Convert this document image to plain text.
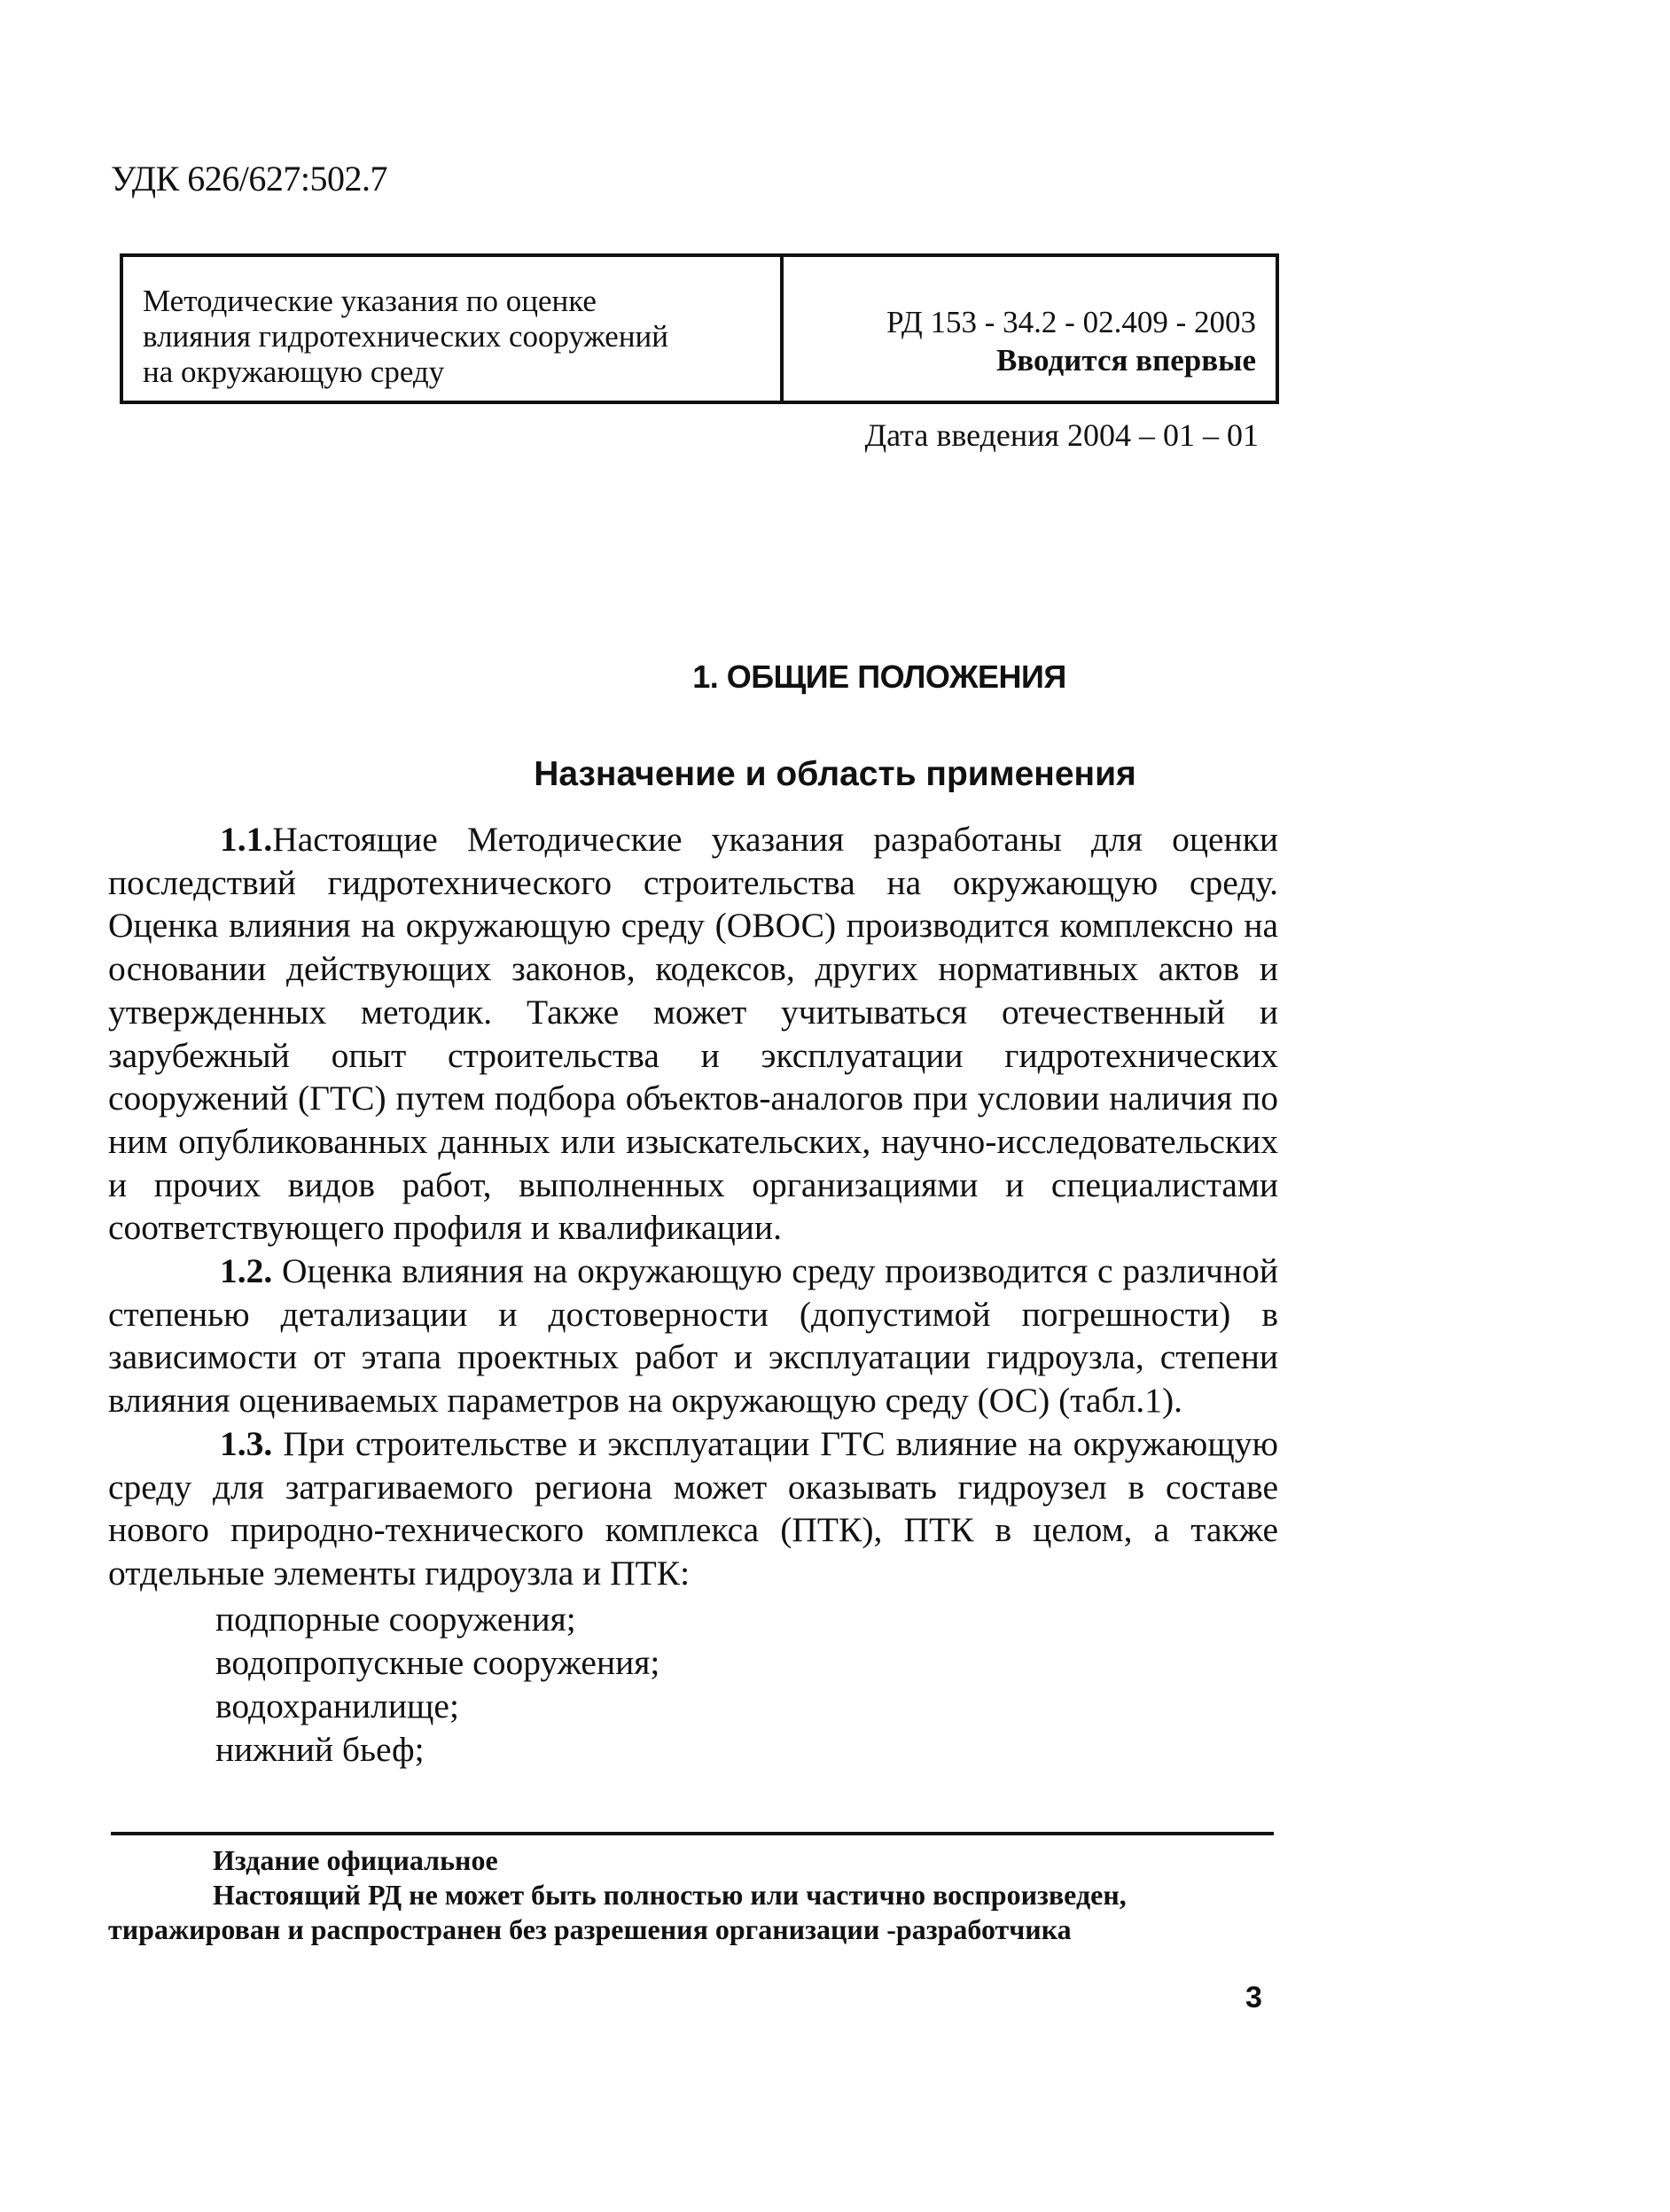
УДК 626/627:502.7
Методические указания по оценке
влияния гидротехнических сооружений
на окружающую среду
РД 153 - 34.2 - 02.409 - 2003
Вводится впервые
Дата введения 2004 – 01 – 01
1. ОБЩИЕ ПОЛОЖЕНИЯ
Назначение и область применения

1.1.Настоящие Методические указания разработаны для оценки последствий гидротехнического строительства на окружающую среду. Оценка влияния на окружающую среду (ОВОС) производится комплексно на основании действующих законов, кодексов, других нормативных актов и утвержденных методик. Также может учитываться отечественный и зарубежный опыт строительства и эксплуатации гидротехнических сооружений (ГТС) путем подбора объектов-аналогов при условии наличия по ним опубликованных данных или изыскательских, научно-исследовательских и прочих видов работ, выполненных организациями и специалистами соответствующего профиля и квалификации.

1.2. Оценка влияния на окружающую среду производится с различной степенью детализации и достоверности (допустимой погрешности) в зависимости от этапа проектных работ и эксплуатации гидроузла, степени влияния оцениваемых параметров на окружающую среду (ОС) (табл.1).

1.3. При строительстве и эксплуатации ГТС влияние на окружающую среду для затрагиваемого региона может оказывать гидроузел в составе нового природно-технического комплекса (ПТК), ПТК в целом, а также отдельные элементы гидроузла и ПТК:

подпорные сооружения;
водопропускные сооружения;
водохранилище;
нижний бьеф;
Издание официальное
Настоящий РД не может быть полностью или частично воспроизведен,
тиражирован и распространен без разрешения организации -разработчика
3
